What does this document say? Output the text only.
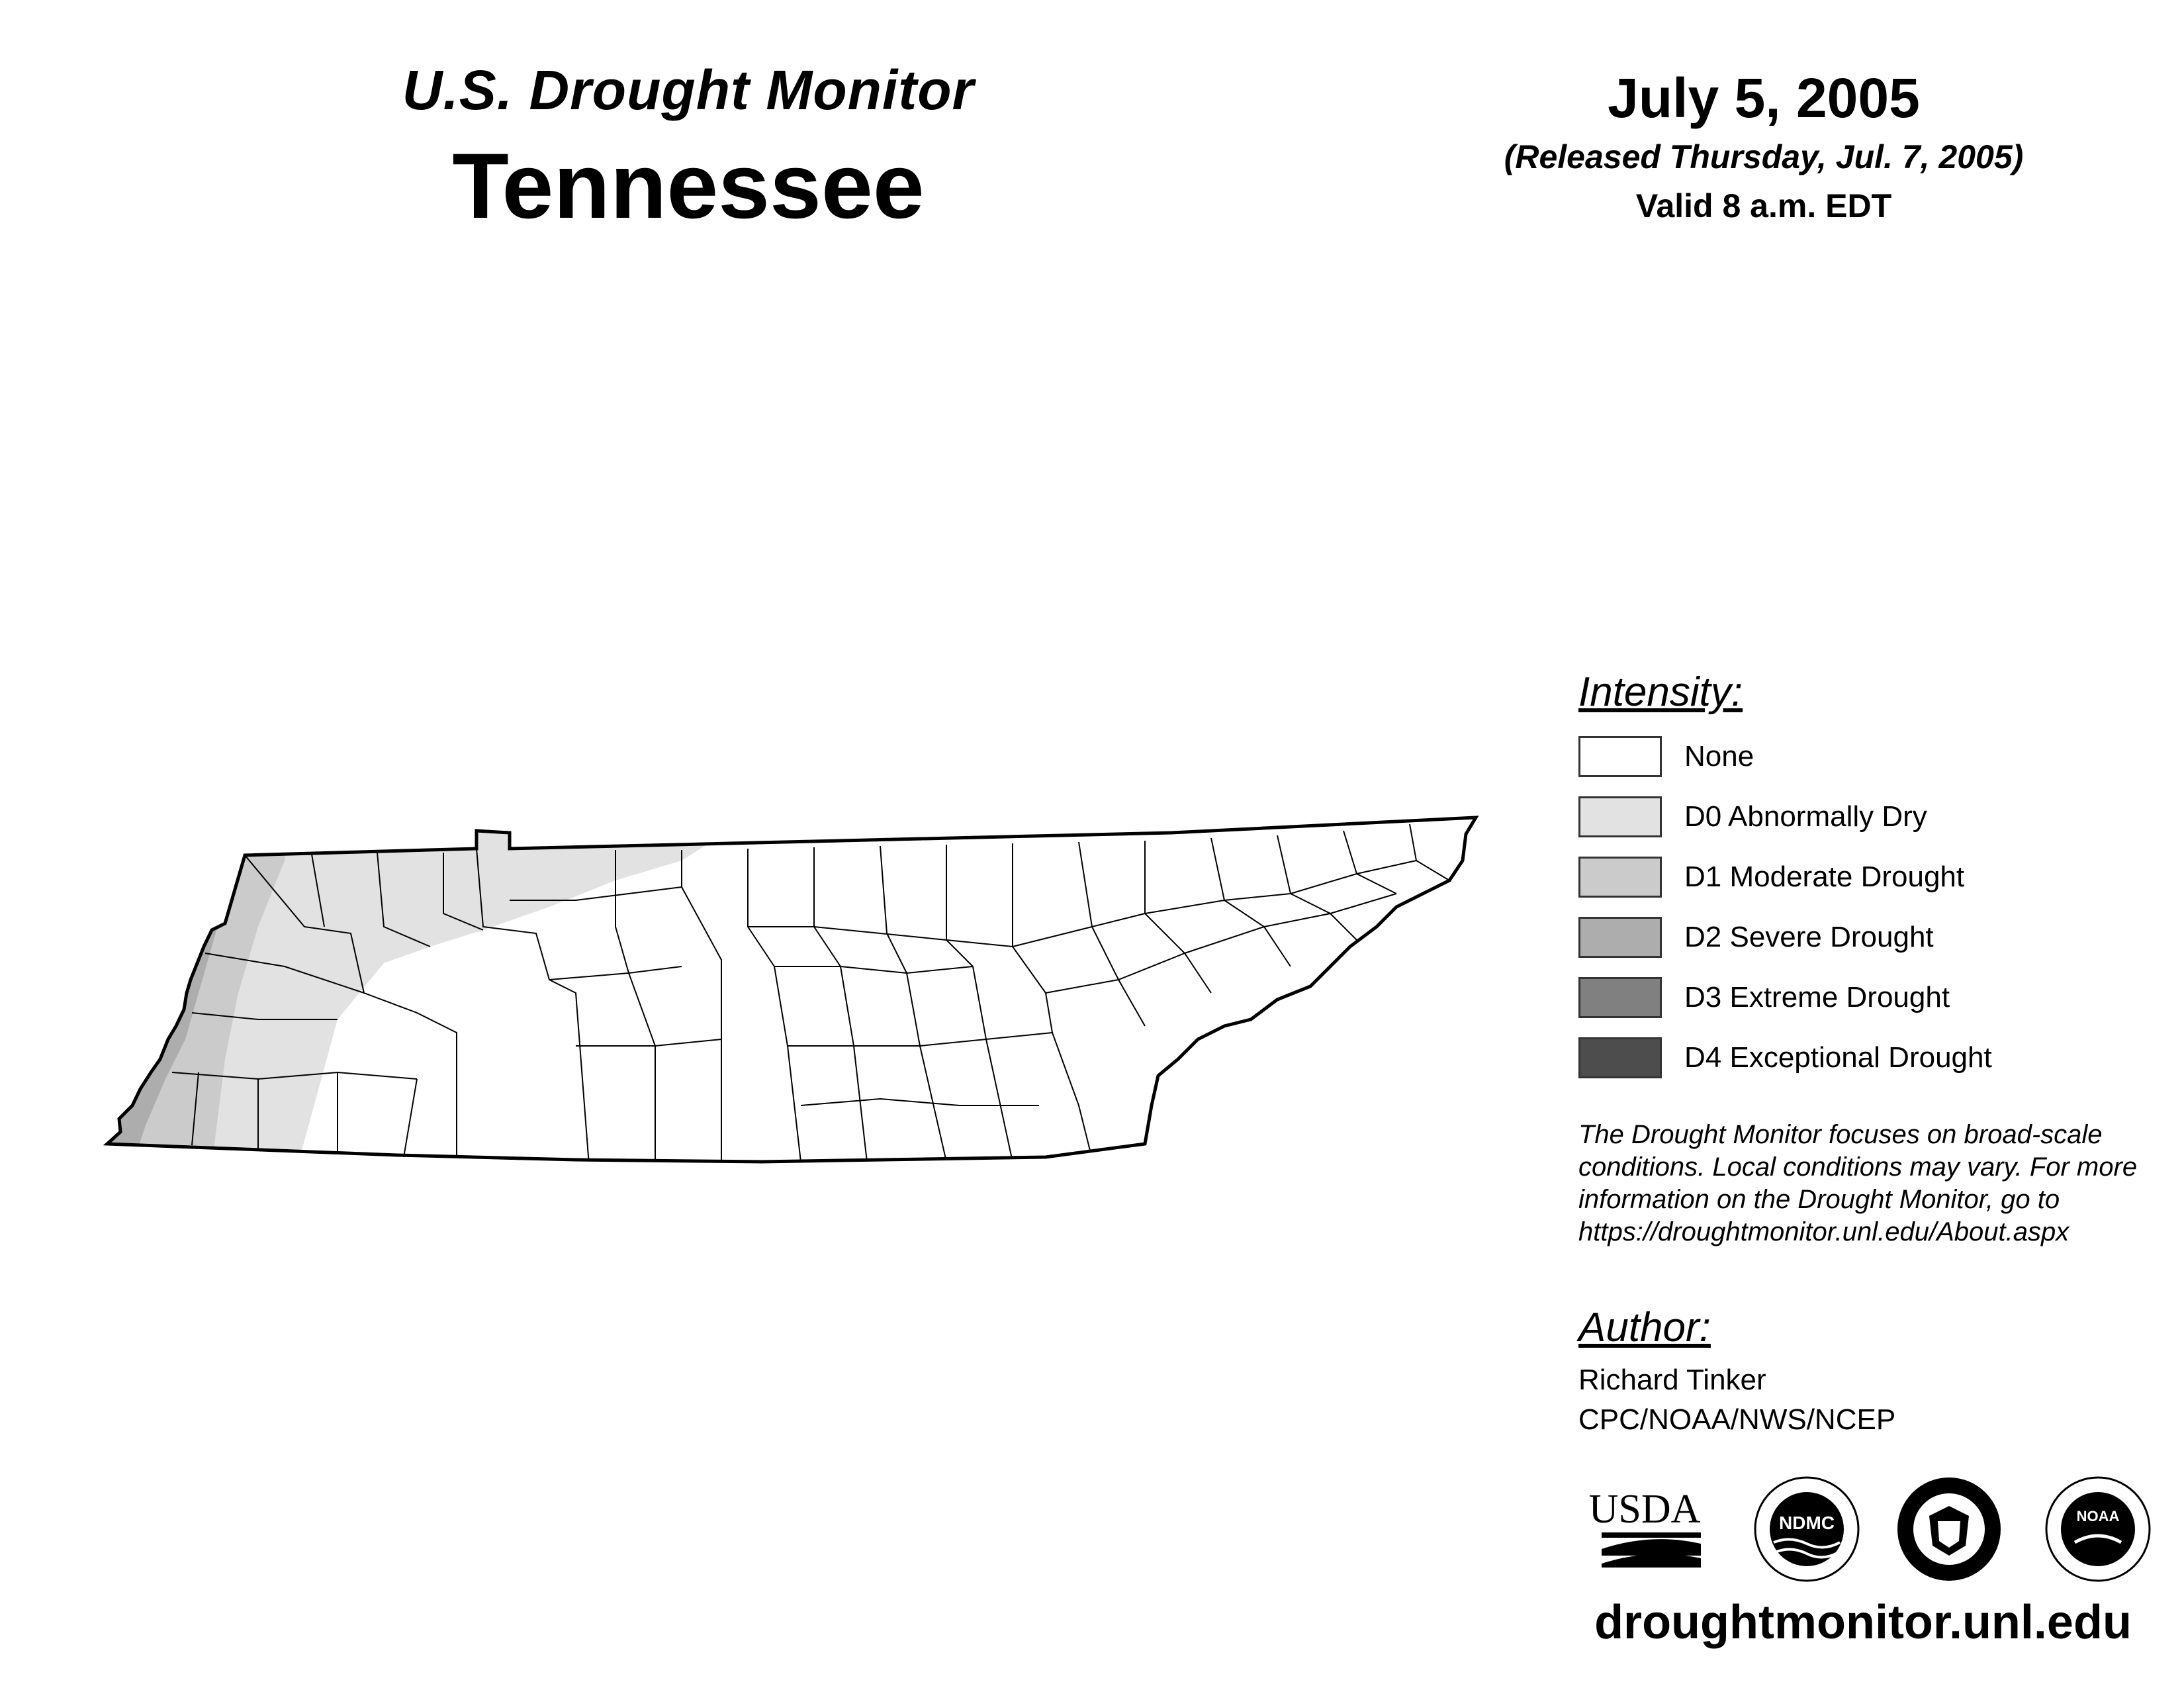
U.S. Drought Monitor
Tennessee
July 5, 2005
(Released Thursday, Jul. 7, 2005)
Valid 8 a.m. EDT
Intensity:
None
D0 Abnormally Dry
D1 Moderate Drought
D2 Severe Drought
D3 Extreme Drought
D4 Exceptional Drought
The Drought Monitor focuses on broad-scale
conditions. Local conditions may vary. For more
information on the Drought Monitor, go to
https://droughtmonitor.unl.edu/About.aspx
Author:
Richard Tinker
CPC/NOAA/NWS/NCEP
USDA	NDMC	NOAA
droughtmonitor.unl.edu
